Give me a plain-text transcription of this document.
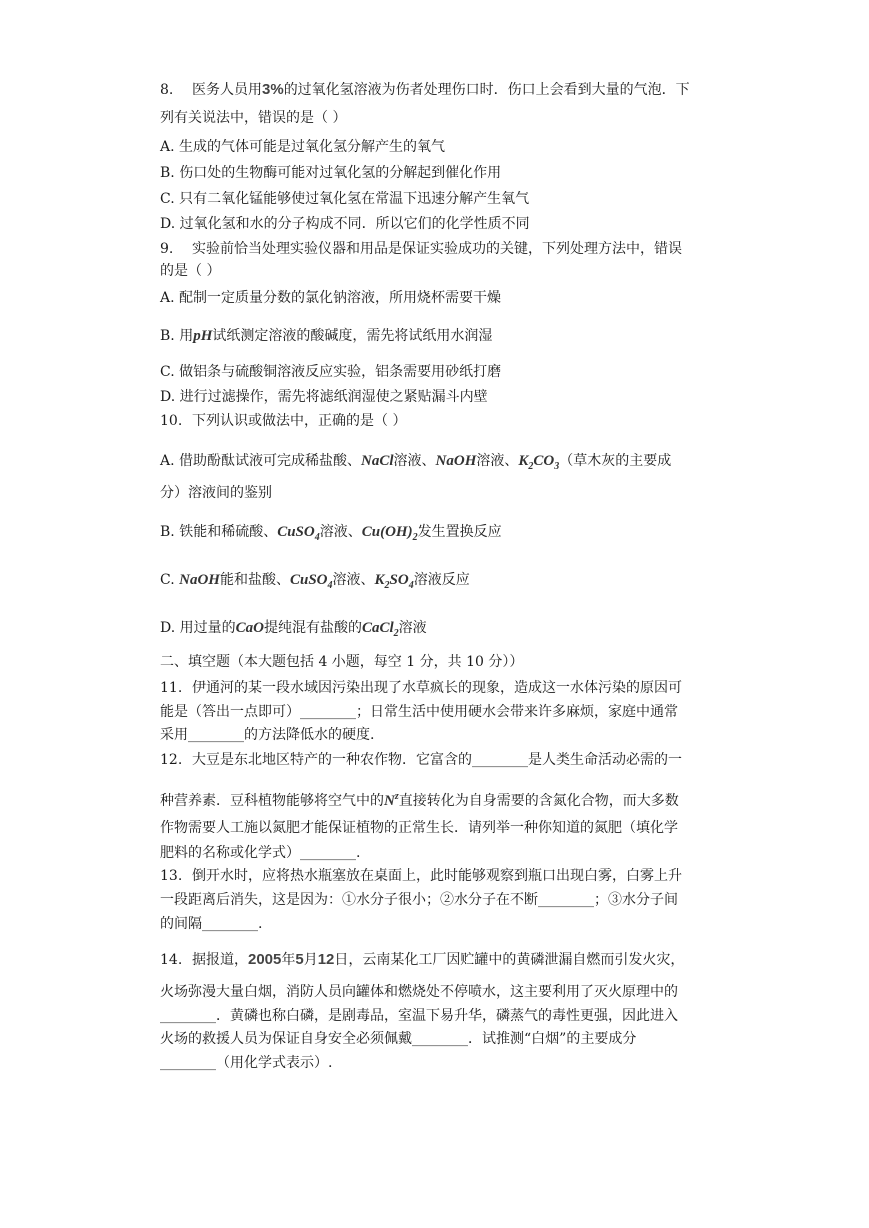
8. 医务人员用3%的过氧化氢溶液为伤者处理伤口时．伤口上会看到大量的气泡．下
列有关说法中，错误的是（ ）
A. 生成的气体可能是过氧化氢分解产生的氧气
B. 伤口处的生物酶可能对过氧化氢的分解起到催化作用
C. 只有二氧化锰能够使过氧化氢在常温下迅速分解产生氧气
D. 过氧化氢和水的分子构成不同．所以它们的化学性质不同
9. 实验前恰当处理实验仪器和用品是保证实验成功的关键，下列处理方法中，错误
的是（ ）
A. 配制一定质量分数的氯化钠溶液，所用烧杯需要干燥
B. 用pH试纸测定溶液的酸碱度，需先将试纸用水润湿
C. 做铝条与硫酸铜溶液反应实验，铝条需要用砂纸打磨
D. 进行过滤操作，需先将滤纸润湿使之紧贴漏斗内壁
10. 下列认识或做法中，正确的是（ ）
A. 借助酚酞试液可完成稀盐酸、NaCl溶液、NaOH溶液、$K_2CO_3$（草木灰的主要成
分）溶液间的鉴别
B. 铁能和稀硫酸、CuSO$_4$溶液、$Cu(OH)_2$发生置换反应
C. NaOH能和盐酸、CuSO$_4$溶液、$K_2SO_4$溶液反应
D. 用过量的CaO提纯混有盐酸的CaCl$_2$溶液
二、填空题（本大题包括 4 小题，每空 1 分，共 10 分））
11. 伊通河的某一段水域因污染出现了水草疯长的现象，造成这一水体污染的原因可
能是（答出一点即可）________；日常生活中使用硬水会带来许多麻烦，家庭中通常
采用________的方法降低水的硬度.
12. 大豆是东北地区特产的一种农作物．它富含的________是人类生命活动必需的一
种营养素．豆科植物能够将空气中的$N^z$直接转化为自身需要的含氮化合物，而大多数
作物需要人工施以氮肥才能保证植物的正常生长．请列举一种你知道的氮肥（填化学
肥料的名称或化学式）________.
13. 倒开水时，应将热水瓶塞放在桌面上，此时能够观察到瓶口出现白雾，白雾上升
一段距离后消失，这是因为：①水分子很小；②水分子在不断________；③水分子间
的间隔________.
14. 据报道，2005年5月12日，云南某化工厂因贮罐中的黄磷泄漏自燃而引发火灾，
火场弥漫大量白烟，消防人员向罐体和燃烧处不停喷水，这主要利用了灭火原理中的
________．黄磷也称白磷，是剧毒品，室温下易升华，磷蒸气的毒性更强，因此进入
火场的救援人员为保证自身安全必须佩戴________．试推测“白烟”的主要成分
________（用化学式表示）.
